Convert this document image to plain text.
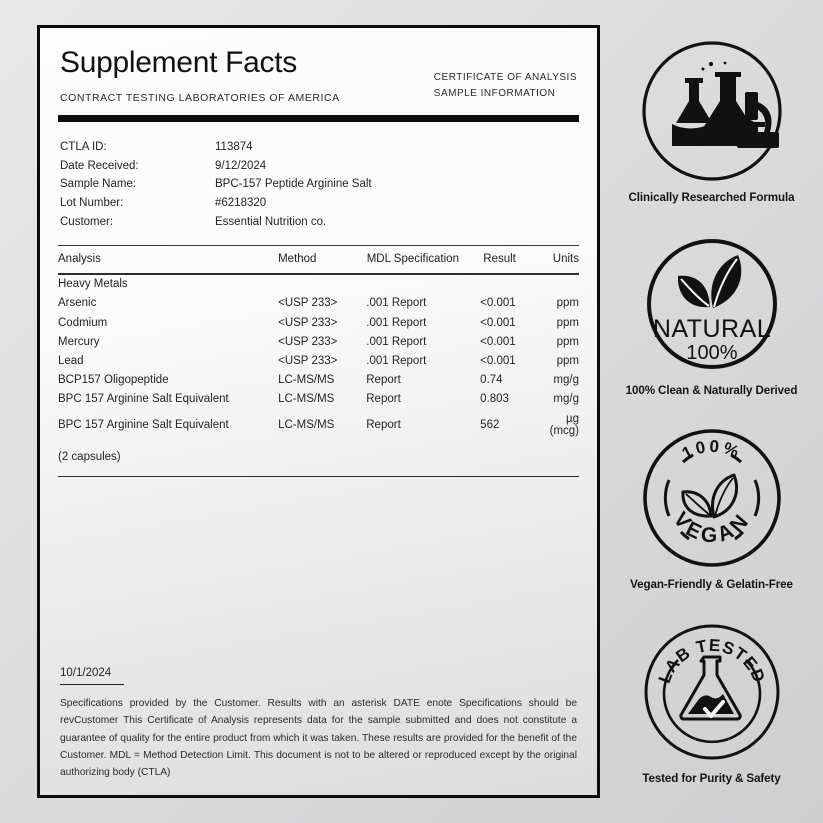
Supplement Facts
CONTRACT TESTING LABORATORIES OF AMERICA
CERTIFICATE OF ANALYSIS
SAMPLE INFORMATION
CTLA ID:	113874
Date Received:	9/12/2024
Sample Name:	BPC-157 Peptide Arginine Salt
Lot Number:	#6218320
Customer:	Essential Nutrition co.
Analysis	Method	MDL Specification	Result	Units
Heavy Metals				
Arsenic	<USP 233>	.001 Report	<0.001	ppm
Codmium	<USP 233>	.001 Report	<0.001	ppm
Mercury	<USP 233>	.001 Report	<0.001	ppm
Lead	<USP 233>	.001 Report	<0.001	ppm
BCP157 Oligopeptide	LC-MS/MS	Report	0.74	mg/g
BPC 157 Arginine Salt Equivalent	LC-MS/MS	Report	0.803	mg/g
BPC 157 Arginine Salt Equivalent	LC-MS/MS	Report	562	µg (mcg)
(2 capsules)				
10/1/2024
Specifications provided by the Customer. Results with an asterisk DATE enote Specifications should be revCustomer This Certificate of Analysis represents data for the sample submitted and does not constitute a guarantee of quality for the entire product from which it was taken. These results are provided for the benefit of the Customer. MDL = Method Detection Limit. This document is not to be altered or reproduced except by the original authorizing body (CTLA)
Clinically Researched Formula
NATURAL
100%
100% Clean & Naturally Derived
100%
VEGAN
Vegan-Friendly & Gelatin-Free
LAB TESTED
Tested for Purity & Safety
